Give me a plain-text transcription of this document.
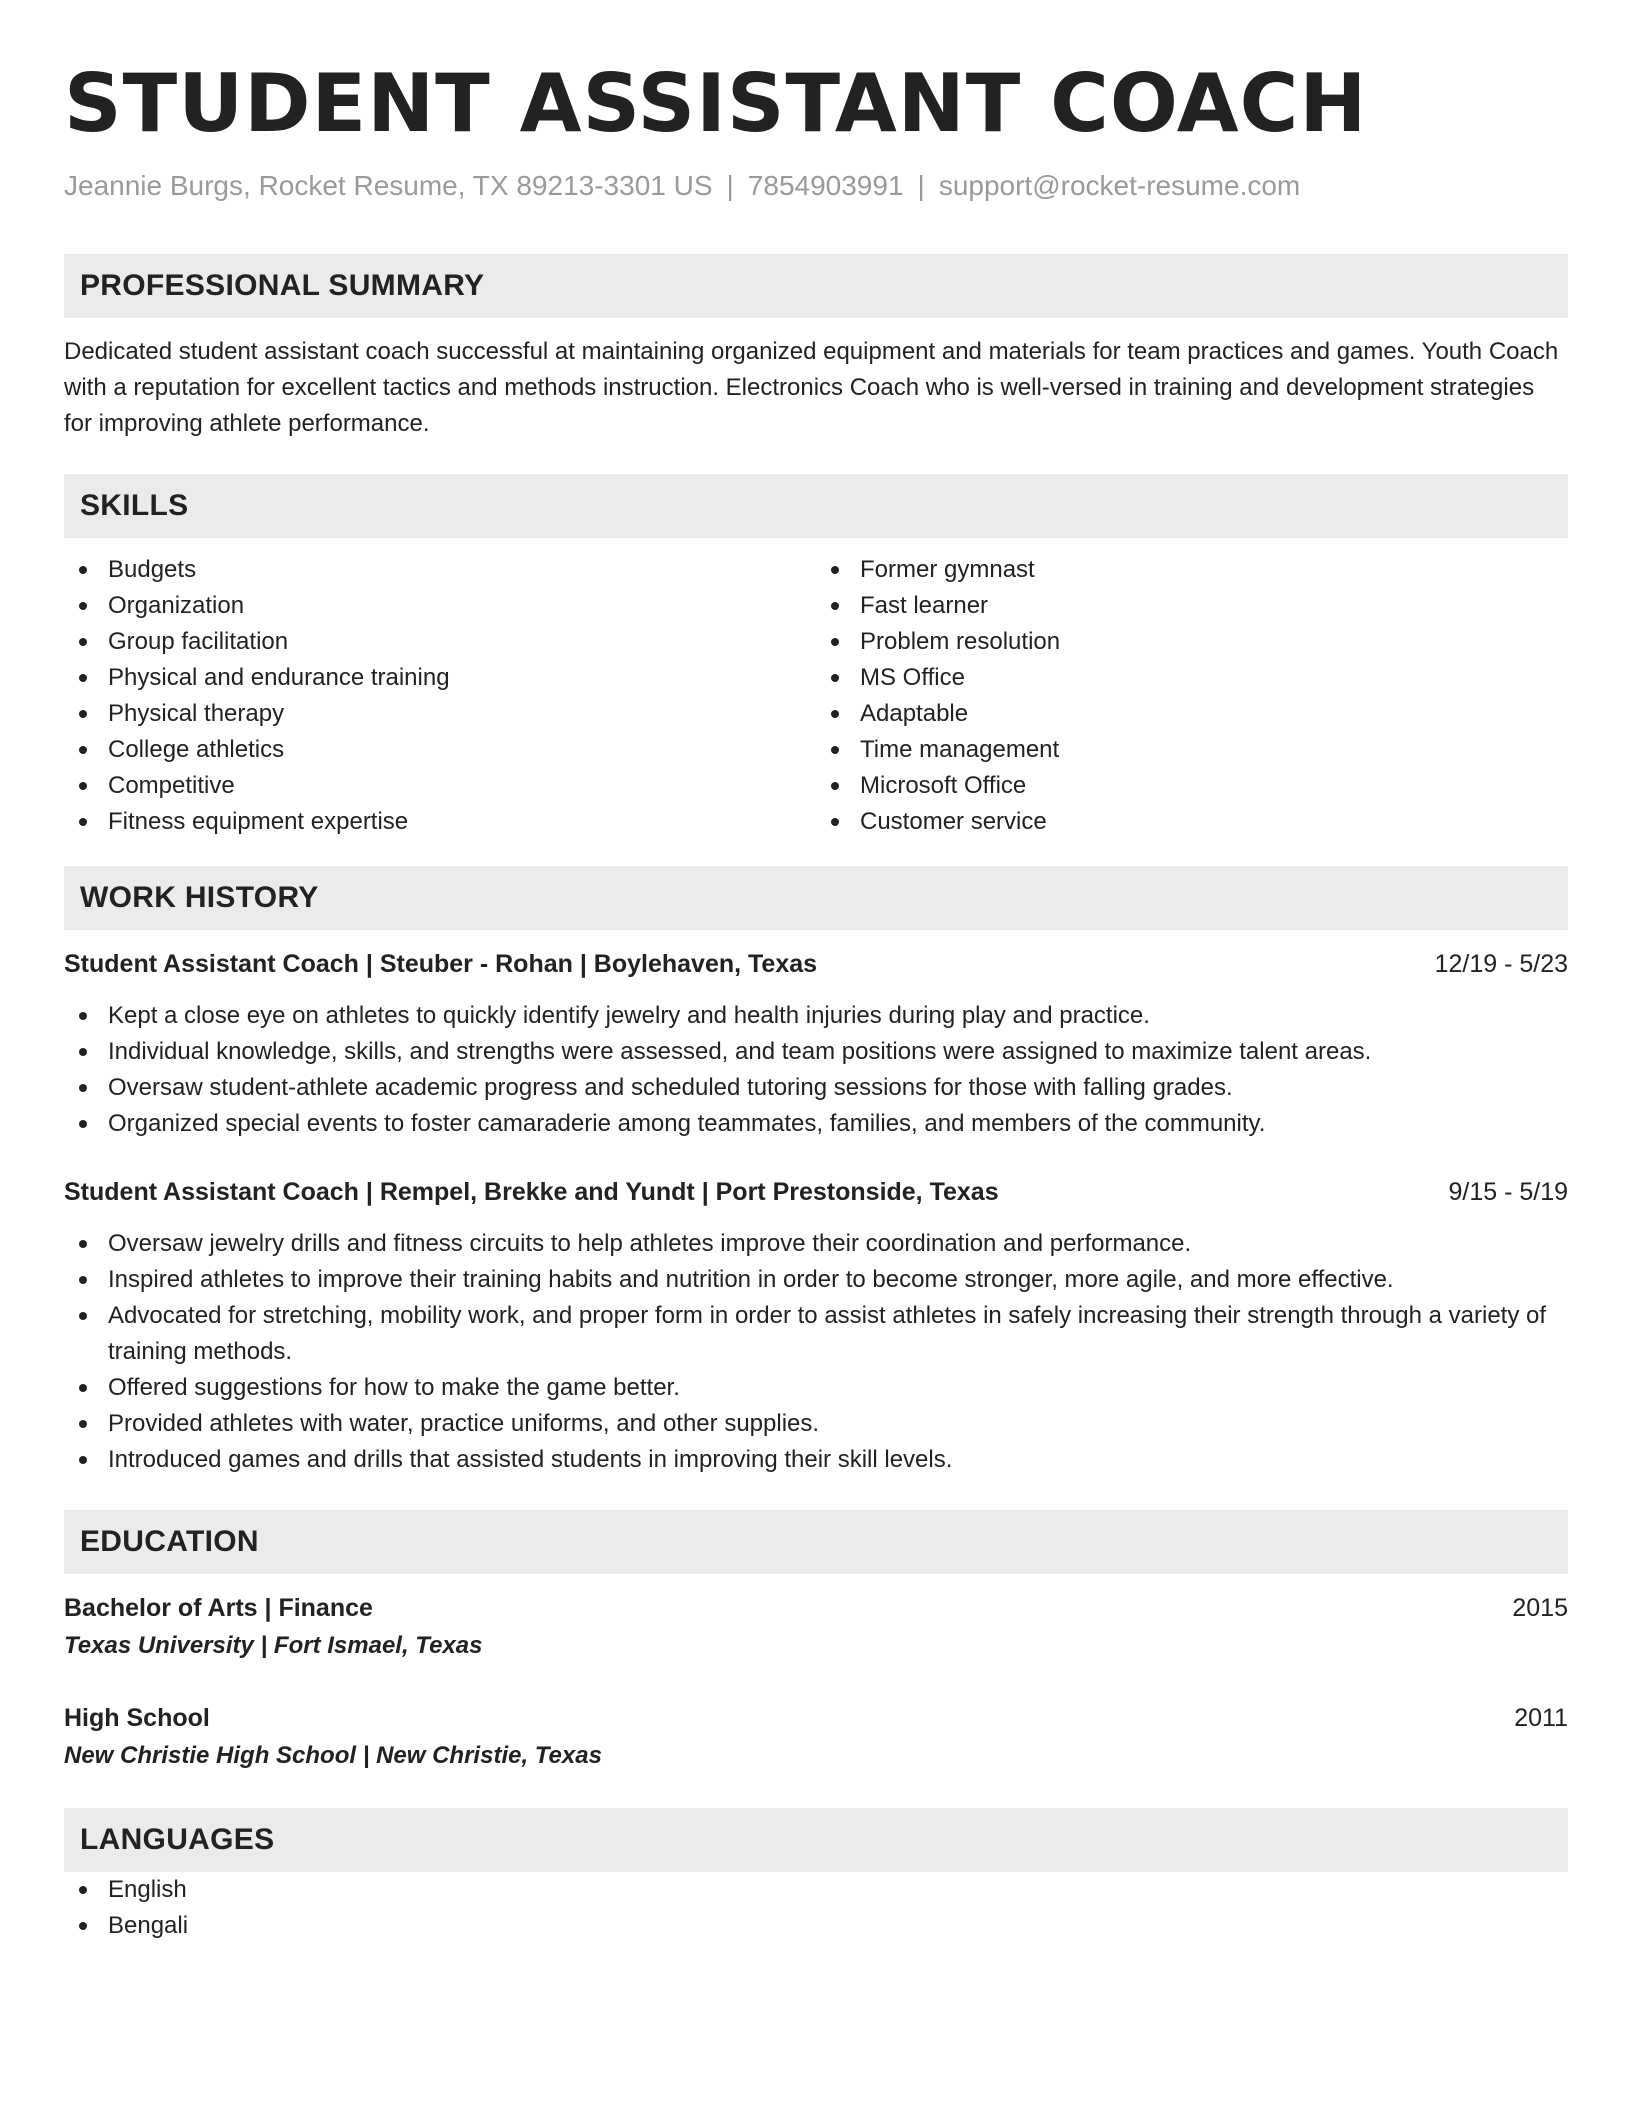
STUDENT ASSISTANT COACH
Jeannie Burgs, Rocket Resume, TX 89213-3301 US | 7854903991 | support@rocket-resume.com
PROFESSIONAL SUMMARY
Dedicated student assistant coach successful at maintaining organized equipment and materials for team practices and games. Youth Coach with a reputation for excellent tactics and methods instruction. Electronics Coach who is well-versed in training and development strategies for improving athlete performance.
SKILLS
Budgets
Organization
Group facilitation
Physical and endurance training
Physical therapy
College athletics
Competitive
Fitness equipment expertise
Former gymnast
Fast learner
Problem resolution
MS Office
Adaptable
Time management
Microsoft Office
Customer service
WORK HISTORY
Student Assistant Coach | Steuber - Rohan | Boylehaven, Texas	12/19 - 5/23
Kept a close eye on athletes to quickly identify jewelry and health injuries during play and practice.
Individual knowledge, skills, and strengths were assessed, and team positions were assigned to maximize talent areas.
Oversaw student-athlete academic progress and scheduled tutoring sessions for those with falling grades.
Organized special events to foster camaraderie among teammates, families, and members of the community.
Student Assistant Coach | Rempel, Brekke and Yundt | Port Prestonside, Texas	9/15 - 5/19
Oversaw jewelry drills and fitness circuits to help athletes improve their coordination and performance.
Inspired athletes to improve their training habits and nutrition in order to become stronger, more agile, and more effective.
Advocated for stretching, mobility work, and proper form in order to assist athletes in safely increasing their strength through a variety of training methods.
Offered suggestions for how to make the game better.
Provided athletes with water, practice uniforms, and other supplies.
Introduced games and drills that assisted students in improving their skill levels.
EDUCATION
Bachelor of Arts | Finance	2015
Texas University | Fort Ismael, Texas
High School	2011
New Christie High School | New Christie, Texas
LANGUAGES
English
Bengali
